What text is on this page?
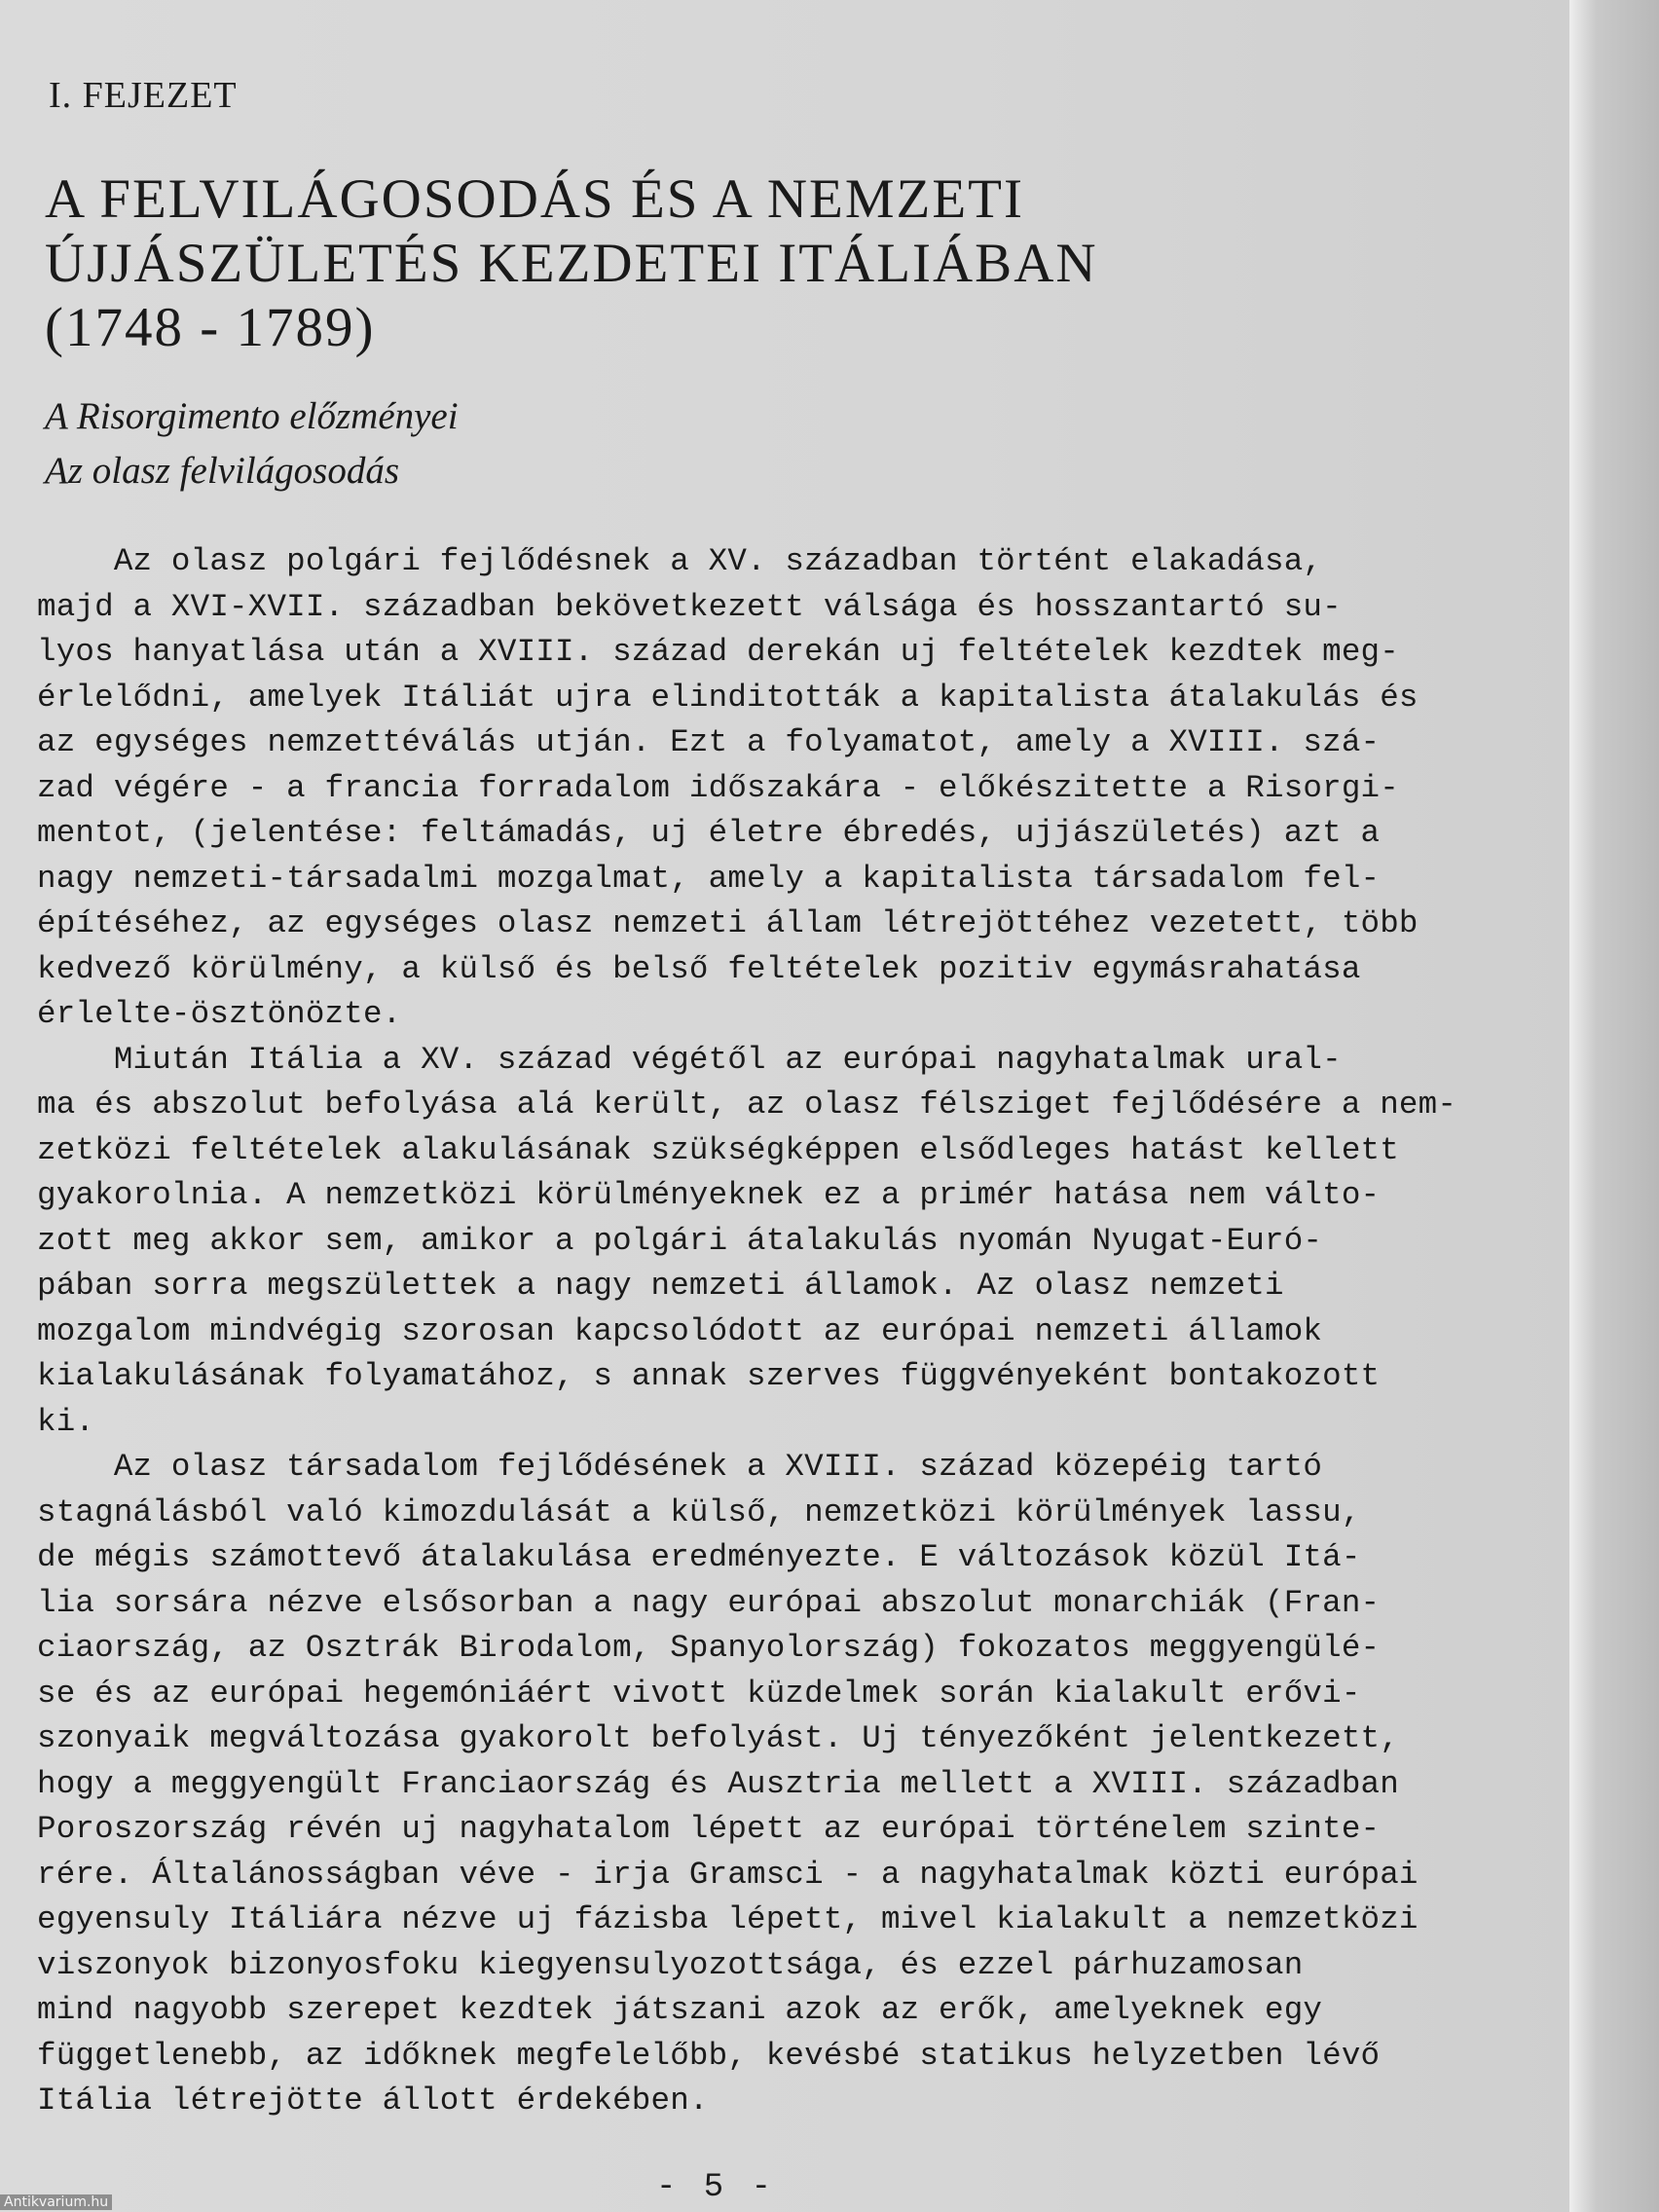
I. FEJEZET
A FELVILÁGOSODÁS ÉS A NEMZETI
ÚJJÁSZÜLETÉS KEZDETEI ITÁLIÁBAN
(1748 - 1789)
A Risorgimento előzményei
Az olasz felvilágosodás
Az olasz polgári fejlődésnek a XV. században történt elakadása,
majd a XVI-XVII. században bekövetkezett válsága és hosszantartó su-
lyos hanyatlása után a XVIII. század derekán uj feltételek kezdtek meg-
érlelődni, amelyek Itáliát ujra elinditották a kapitalista átalakulás és
az egységes nemzettéválás utján. Ezt a folyamatot, amely a XVIII. szá-
zad végére - a francia forradalom időszakára - előkészitette a Risorgi-
mentot, (jelentése: feltámadás, uj életre ébredés, ujjászületés) azt a
nagy nemzeti-társadalmi mozgalmat, amely a kapitalista társadalom fel-
építéséhez, az egységes olasz nemzeti állam létrejöttéhez vezetett, több
kedvező körülmény, a külső és belső feltételek pozitiv egymásrahatása
érlelte-ösztönözte.
Miután Itália a XV. század végétől az európai nagyhatalmak ural-
ma és abszolut befolyása alá került, az olasz félsziget fejlődésére a nem-
zetközi feltételek alakulásának szükségképpen elsődleges hatást kellett
gyakorolnia. A nemzetközi körülményeknek ez a primér hatása nem válto-
zott meg akkor sem, amikor a polgári átalakulás nyomán Nyugat-Euró-
pában sorra megszülettek a nagy nemzeti államok. Az olasz nemzeti
mozgalom mindvégig szorosan kapcsolódott az európai nemzeti államok
kialakulásának folyamatához, s annak szerves függvényeként bontakozott
ki.
Az olasz társadalom fejlődésének a XVIII. század közepéig tartó
stagnálásból való kimozdulását a külső, nemzetközi körülmények lassu,
de mégis számottevő átalakulása eredményezte. E változások közül Itá-
lia sorsára nézve elsősorban a nagy európai abszolut monarchiák (Fran-
ciaország, az Osztrák Birodalom, Spanyolország) fokozatos meggyengülé-
se és az európai hegemóniáért vivott küzdelmek során kialakult erővi-
szonyaik megváltozása gyakorolt befolyást. Uj tényezőként jelentkezett,
hogy a meggyengült Franciaország és Ausztria mellett a XVIII. században
Poroszország révén uj nagyhatalom lépett az európai történelem szinte-
rére. Általánosságban véve - irja Gramsci - a nagyhatalmak közti európai
egyensuly Itáliára nézve uj fázisba lépett, mivel kialakult a nemzetközi
viszonyok bizonyosfoku kiegyensulyozottsága, és ezzel párhuzamosan
mind nagyobb szerepet kezdtek játszani azok az erők, amelyeknek egy
függetlenebb, az időknek megfelelőbb, kevésbé statikus helyzetben lévő
Itália létrejötte állott érdekében.
- 5 -
Antikvarium.hu
